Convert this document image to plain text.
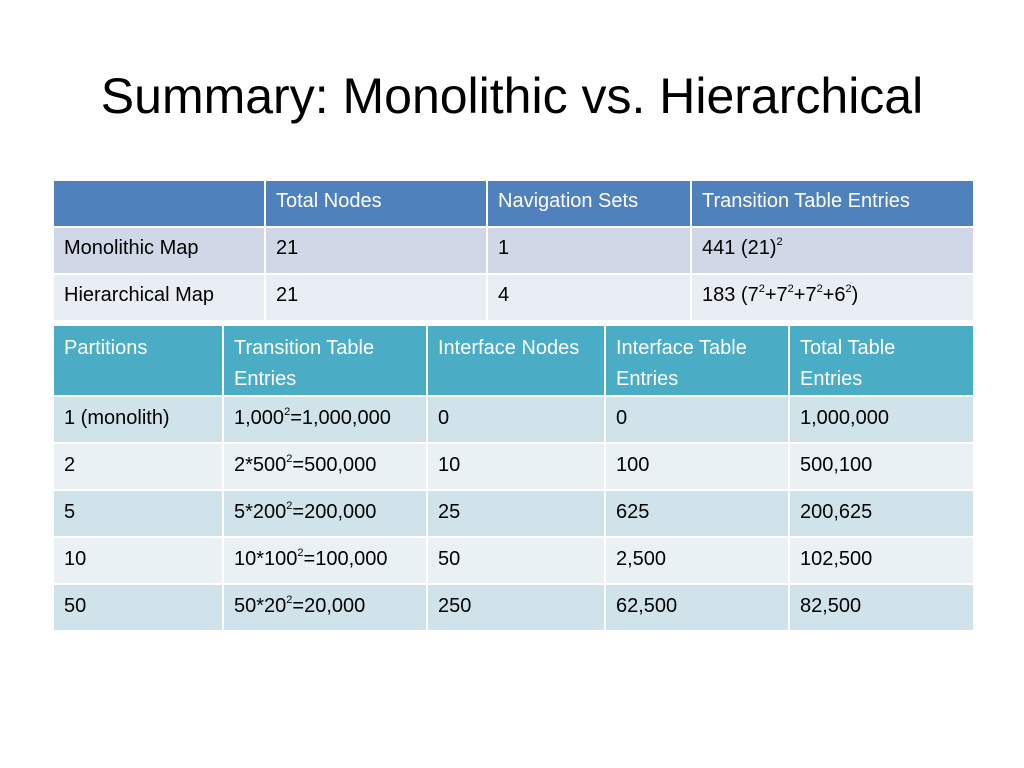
Summary: Monolithic vs. Hierarchical
	Total Nodes	Navigation Sets	Transition Table Entries
Monolithic Map	21	1	441 $(21)^2$
Hierarchical Map	21	4	183 $(7^2+7^2+7^2+6^2)$
Partitions	Transition Table Entries	Interface Nodes	Interface Table Entries	Total Table Entries
1 (monolith)	$1,000^2=1,000,000$	0	0	1,000,000
2	$2*500^2=500,000$	10	100	500,100
5	$5*200^2=200,000$	25	625	200,625
10	$10*100^2=100,000$	50	2,500	102,500
50	$50*20^2=20,000$	250	62,500	82,500
